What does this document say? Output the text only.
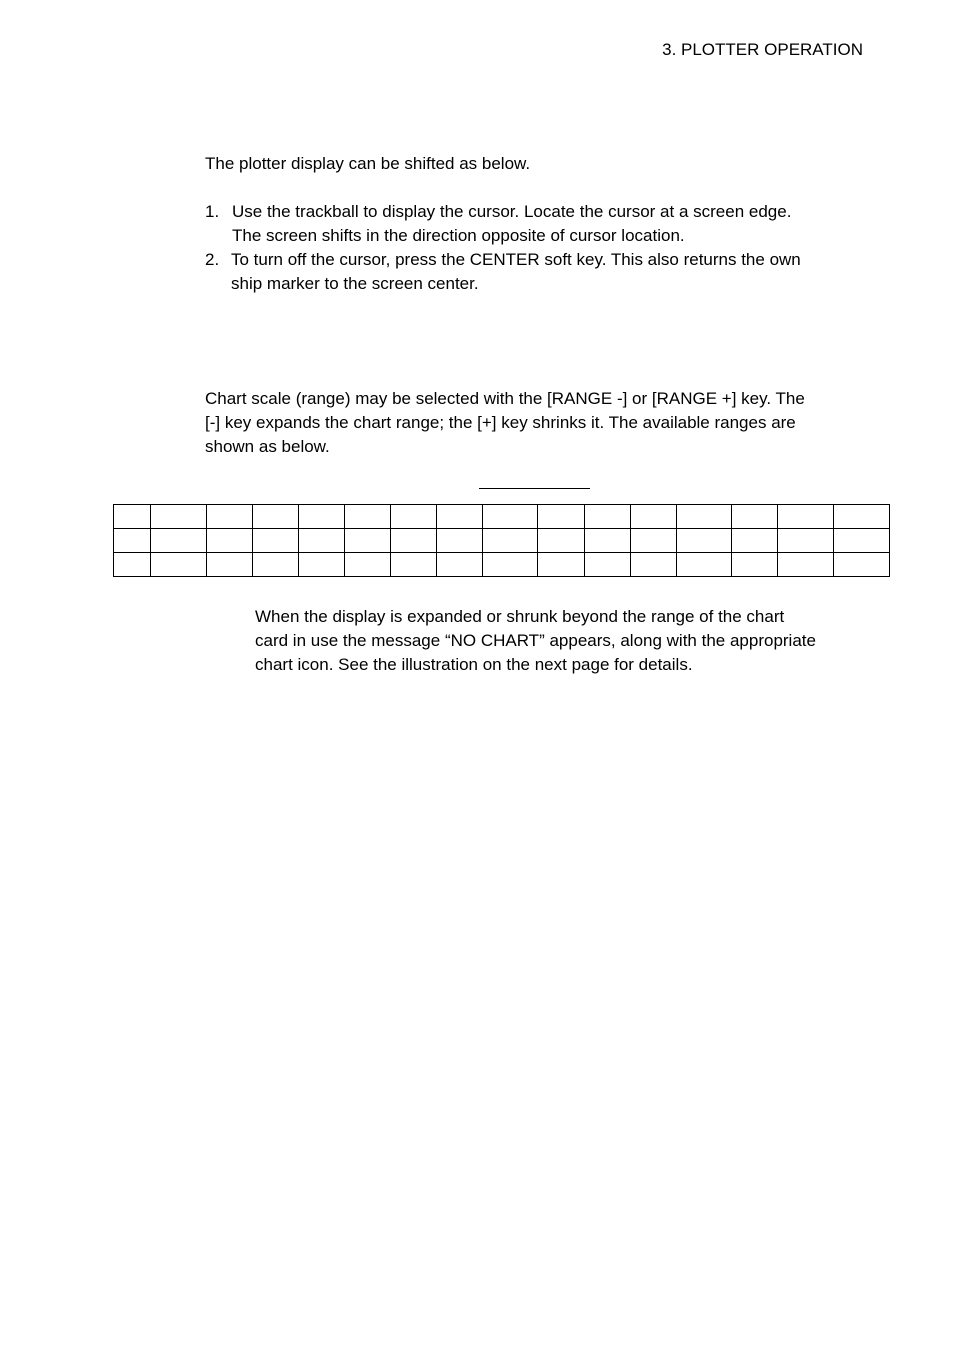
3. PLOTTER OPERATION

The plotter display can be shifted as below.

1. Use the trackball to display the cursor. Locate the cursor at a screen edge.
The screen shifts in the direction opposite of cursor location.
2. To turn off the cursor, press the CENTER soft key. This also returns the own
ship marker to the screen center.
Chart scale (range) may be selected with the [RANGE -] or [RANGE +] key. The
[-] key expands the chart range; the [+] key shrinks it. The available ranges are
shown as below.

When the display is expanded or shrunk beyond the range of the chart
card in use the message “NO CHART” appears, along with the appropriate
chart icon. See the illustration on the next page for details.
